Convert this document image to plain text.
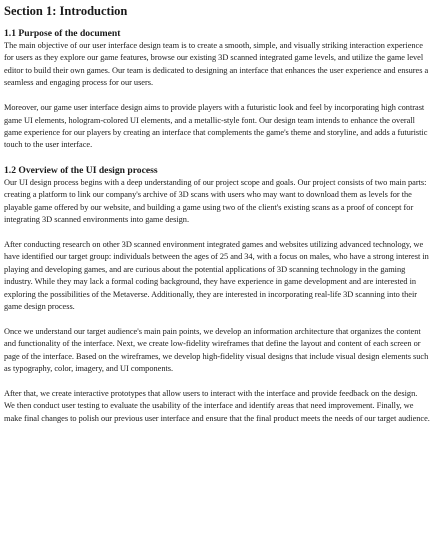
Section 1: Introduction
1.1 Purpose of the document

The main objective of our user interface design team is to create a smooth, simple, and visually striking interaction experience for users as they explore our game features, browse our existing 3D scanned integrated game levels, and utilize the game level editor to build their own games. Our team is dedicated to designing an interface that enhances the user experience and ensures a seamless and engaging process for our users.

Moreover, our game user interface design aims to provide players with a futuristic look and feel by incorporating high contrast game UI elements, hologram-colored UI elements, and a metallic-style font. Our design team intends to enhance the overall game experience for our players by creating an interface that complements the game's theme and storyline, and adds a futuristic touch to the user interface.

1.2 Overview of the UI design process

Our UI design process begins with a deep understanding of our project scope and goals. Our project consists of two main parts: creating a platform to link our company's archive of 3D scans with users who may want to download them as levels for the playable game offered by our website, and building a game using two of the client's existing scans as a proof of concept for integrating 3D scanned environments into game design.

After conducting research on other 3D scanned environment integrated games and websites utilizing advanced technology, we have identified our target group: individuals between the ages of 25 and 34, with a focus on males, who have a strong interest in playing and developing games, and are curious about the potential applications of 3D scanning technology in the gaming industry. While they may lack a formal coding background, they have experience in game development and are interested in exploring the possibilities of the Metaverse. Additionally, they are interested in incorporating real-life 3D scanning into their game design process.

Once we understand our target audience's main pain points, we develop an information architecture that organizes the content and functionality of the interface. Next, we create low-fidelity wireframes that define the layout and content of each screen or page of the interface. Based on the wireframes, we develop high-fidelity visual designs that include visual design elements such as typography, color, imagery, and UI components.

After that, we create interactive prototypes that allow users to interact with the interface and provide feedback on the design. We then conduct user testing to evaluate the usability of the interface and identify areas that need improvement. Finally, we make final changes to polish our previous user interface and ensure that the final product meets the needs of our target audience.
